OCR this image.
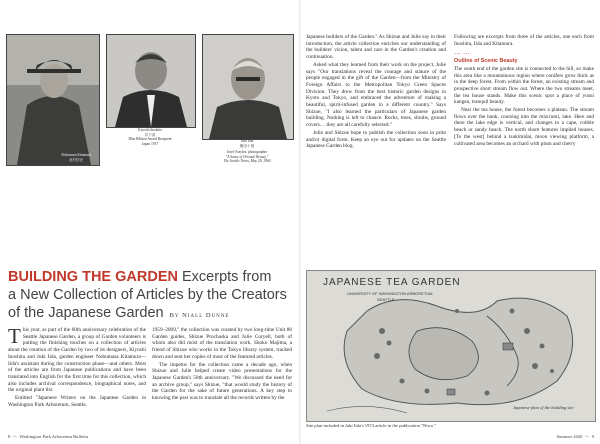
Nobumasa Kitamura
北村信正
Kiyoshi Inoshita
井下清
Blue Ribbon Award Recipient
Japan 1937
Juki Iida
飯田十基
Josef Scaylea, photographer
"A Sense of Oriental Beauty,"
The Seattle Times, May 29, 1960
BUILDING THE GARDEN Excerpts from
a New Collection of Articles by the Creators
of the Japanese Garden By Niall Dunne

This year, as part of the 60th anniversary celebration of the Seattle Japanese Garden, a group of Garden volunteers is putting the finishing touches on a collection of articles about the creation of the Garden by two of its designers, Kiyoshi Inoshita and Juki Iida, garden engineer Nobumasa Kitamura—Iida's assistant during the construction phase—and others. Most of the articles are from Japanese publications and have been translated into English for the first time for this collection, which also includes archival correspondence, biographical notes, and the original plant list.

Entitled "Japanese Writers on the Japanese Garden in Washington Park Arboretum, Seattle,

1959–2009," the collection was curated by two long-time Unit 86 Garden guides, Shizue Prochaska and Julie Coryell, both of whom also did most of the translation work. Shoko Majima, a friend of Shizue who works in the Tokyo library system, tracked down and sent her copies of most of the featured articles.

The impetus for the collection came a decade ago, when Shizue and Julie helped create video presentations for the Japanese Garden's 50th anniversary. "We discussed the need for an archive group," says Shizue, "that would study the history of the Garden for the sake of future generations. A key step to knowing the past was to translate all the records written by the

Japanese builders of the Garden." As Shizue and Julie say in their introduction, the article collection enriches our understanding of the builders' vision, talent and care in the Garden's creation and continuation.

Asked what they learned from their work on the project, Julie says "Our translations reveal the courage and stature of the people engaged in the gift of the Garden—from the Ministry of Foreign Affairs to the Metropolitan Tokyo Green Spaces Division. They drew from the best historic garden designs in Kyoto and Tokyo, and embraced the adventure of making a beautiful, spirit-infused garden in a different country." Says Shizue, "I also learned the particulars of Japanese garden building. Nothing is left to chance. Rocks, trees, shrubs, ground covers… they are all carefully selected."

Julie and Shizue hope to publish the collection soon in print and/or digital form. Keep an eye out for updates on the Seattle Japanese Garden blog.

Following are excerpts from three of the articles, one each from Inoshita, Iida and Kitamura.

……
Outline of Scenic Beauty

The south end of the garden site is connected to the hill, so make this area like a mountainous region where conifers grow thick as in the deep forest. From within the forest, an existing stream and prospective short stream flow out. Where the two streams meet, the tea house stands. Make this scenic spot a place of yusui kangen, tranquil beauty.

Near the tea house, the forest becomes a plateau. The stream flows over the bank, coursing into the mizu'umi, lake. Here and there the lake edge is vertical, and changes to a cape, cobble beach or sandy beach. The north shore features implied houses. [To the west] behind a tsukimidai, moon viewing platform, a cultivated area becomes an orchard with plum and cherry

JAPANESE TEA GARDEN
UNIVERSITY OF WASHINGTON ARBORETUM
SEATTLE
Japanese plan of the building site
Site plan included in Juki Iida's 1974 article in the publication "Niwa."
8  〜  Washington Park Arboretum Bulletin	Summer 2020  〜  9
